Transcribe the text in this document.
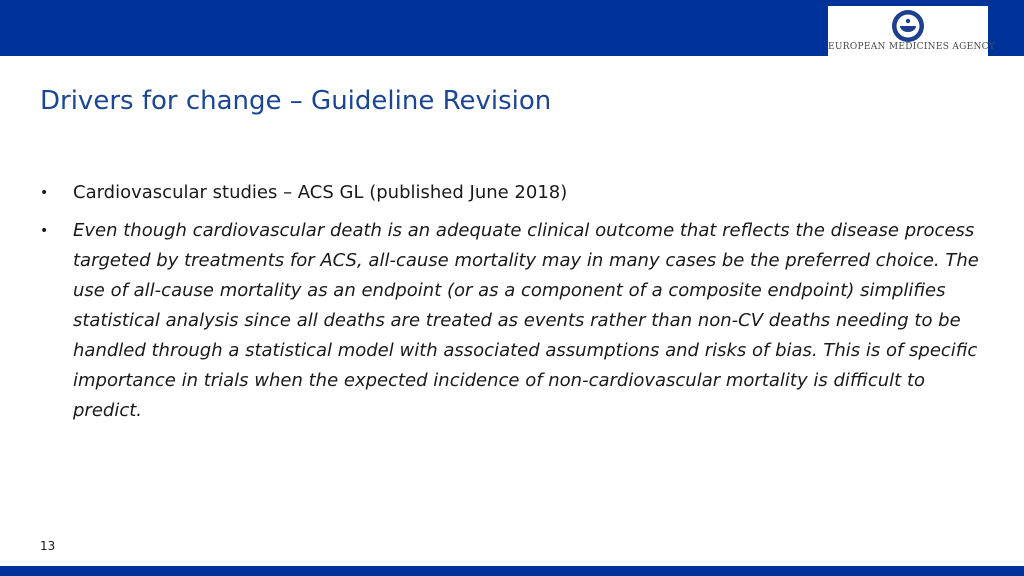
EUROPEAN MEDICINES AGENCY
Drivers for change – Guideline Revision
•	Cardiovascular studies – ACS GL (published June 2018)
•	Even though cardiovascular death is an adequate clinical outcome that reflects the disease process targeted by treatments for ACS, all-cause mortality may in many cases be the preferred choice. The use of all-cause mortality as an endpoint (or as a component of a composite endpoint) simplifies statistical analysis since all deaths are treated as events rather than non-CV deaths needing to be handled through a statistical model with associated assumptions and risks of bias. This is of specific importance in trials when the expected incidence of non-cardiovascular mortality is difficult to predict.
13
